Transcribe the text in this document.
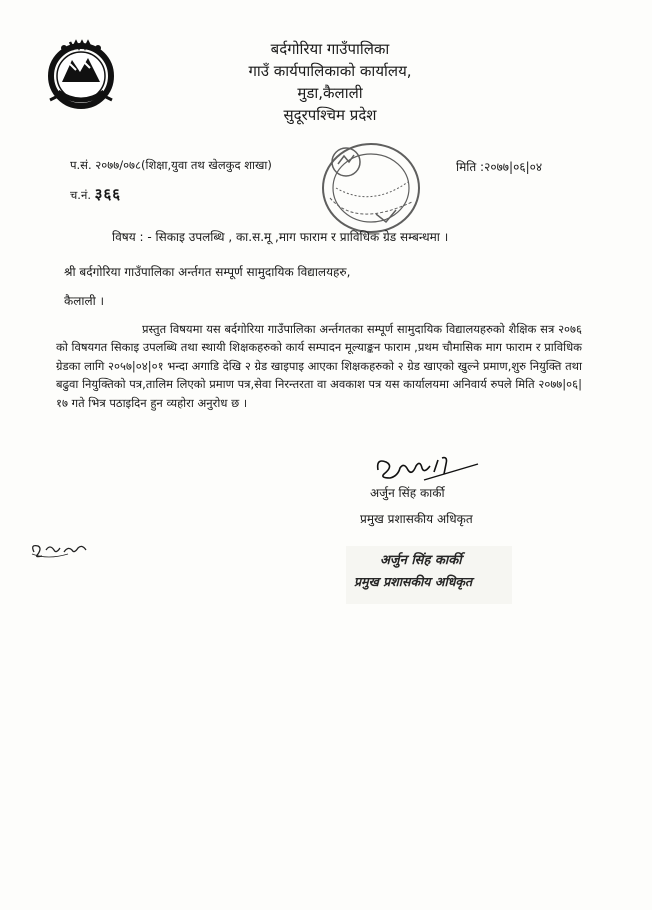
बर्दगोरिया गाउँपालिका
गाउँ कार्यपालिकाको कार्यालय,
मुडा,कैलाली
सुदूरपश्चिम प्रदेश
प.सं. २०७७/०७८(शिक्षा,युवा तथ खेलकुद शाखा)	मिति :२०७७|०६|०४
च.नं. ३६६
विषय : - सिकाइ उपलब्धि , का.स.मू ,माग फाराम र प्राविधिक ग्रेड सम्बन्धमा ।
श्री बर्दगोरिया गाउँपालिका अर्न्तगत सम्पूर्ण सामुदायिक विद्यालयहरु,
कैलाली ।
प्रस्तुत विषयमा यस बर्दगोरिया गाउँपालिका अर्न्तगतका सम्पूर्ण सामुदायिक विद्यालयहरुको शैक्षिक सत्र २०७६ को विषयगत सिकाइ उपलब्धि तथा स्थायी शिक्षकहरुको कार्य सम्पादन मूल्याङ्कन फाराम ,प्रथम चौमासिक माग फाराम र प्राविधिक ग्रेडका लागि २०५७|०४|०१ भन्दा अगाडि देखि २ ग्रेड खाइपाइ आएका शिक्षकहरुको २ ग्रेड खाएको खुल्ने प्रमाण,शुरु नियुक्ति तथा बढुवा नियुक्तिको पत्र,तालिम लिएको प्रमाण पत्र,सेवा निरन्तरता वा अवकाश पत्र यस कार्यालयमा अनिवार्य रुपले मिति २०७७|०६|१७ गते भित्र पठाइदिन हुन व्यहोरा अनुरोध छ ।
अर्जुन सिंह कार्की
प्रमुख प्रशासकीय अधिकृत
अर्जुन सिंह कार्की
प्रमुख प्रशासकीय अधिकृत
